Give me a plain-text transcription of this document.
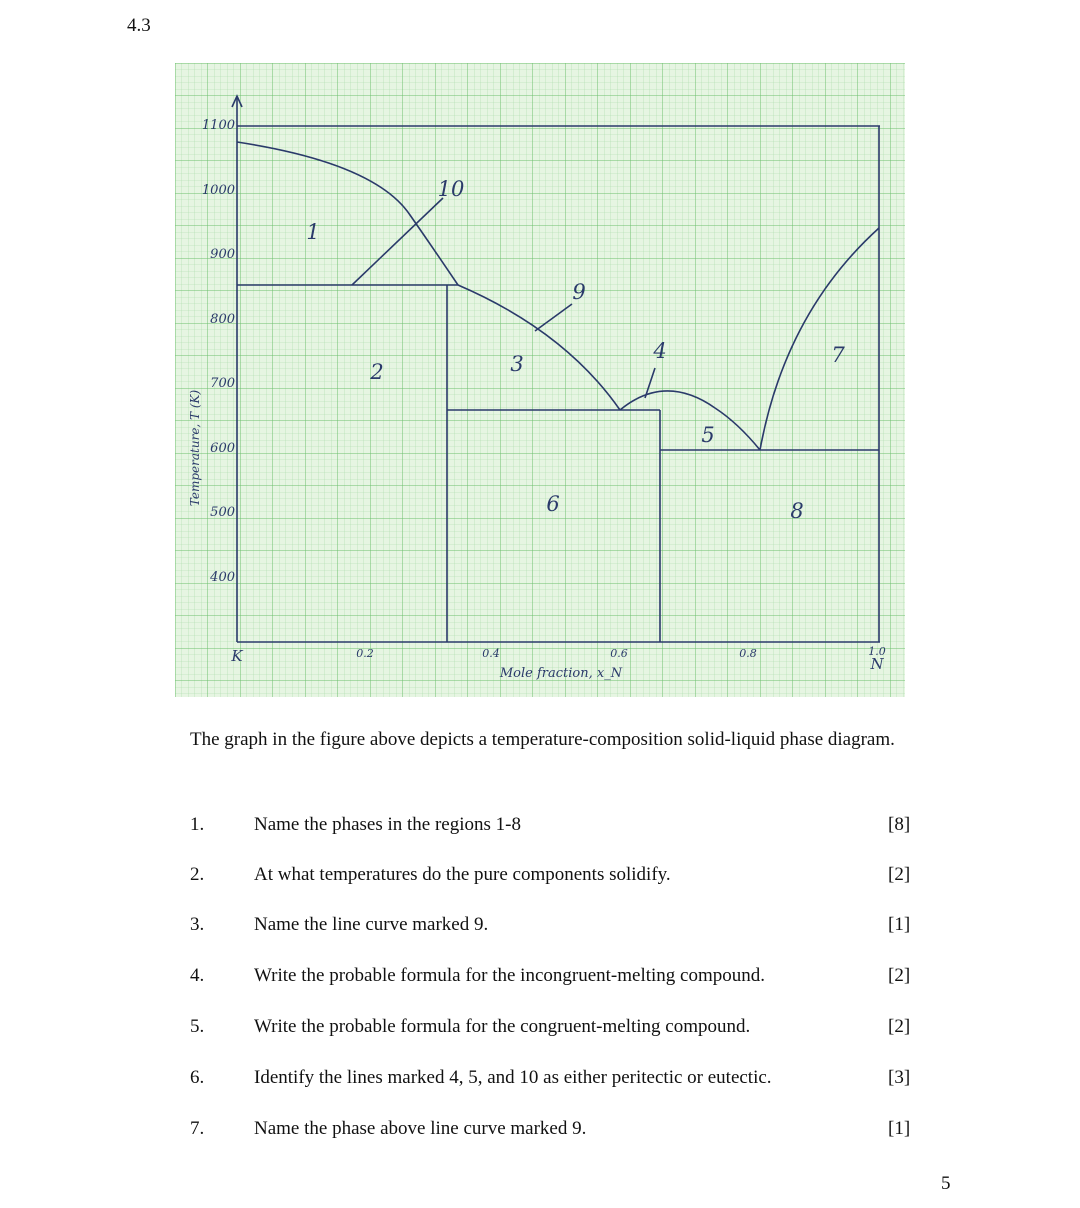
4.3
1100
1000
900
800
700
600
500
400
K	0.2	0.4	0.6	0.8	1.0
N
Mole fraction, x_N
Temperature, T (K)
1
2	3
4
5
6
7
8
9
10
The graph in the figure above depicts a temperature-composition solid-liquid phase diagram.
1.	Name the phases in the regions 1-8	[8]
2.	At what temperatures do the pure components solidify.	[2]
3.	Name the line curve marked 9.	[1]
4.	Write the probable formula for the incongruent-melting compound.	[2]
5.	Write the probable formula for the congruent-melting compound.	[2]
6.	Identify the lines marked 4, 5, and 10 as either peritectic or eutectic.	[3]
7.	Name the phase above line curve marked 9.	[1]
5
